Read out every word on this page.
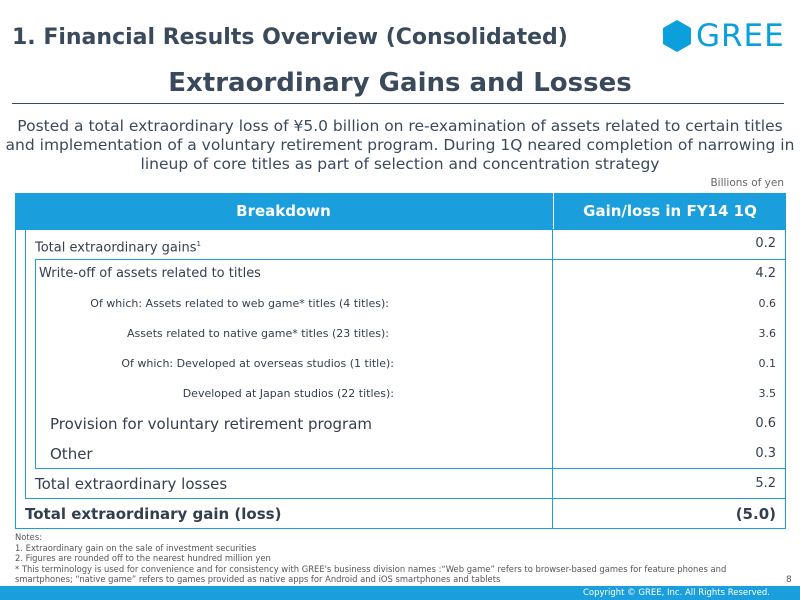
1. Financial Results Overview (Consolidated)	GREE
Extraordinary Gains and Losses
Posted a total extraordinary loss of ¥5.0 billion on re-examination of assets related to certain titles and implementation of a voluntary retirement program. During 1Q neared completion of narrowing in lineup of core titles as part of selection and concentration strategy
Billions of yen
Breakdown	Gain/loss in FY14 1Q
Total extraordinary gains$^1$	0.2
Write-off of assets related to titles	4.2
Of which: Assets related to web game* titles (4 titles):	0.6
Assets related to native game* titles (23 titles):	3.6
Of which: Developed at overseas studios (1 title):	0.1
Developed at Japan studios (22 titles):	3.5
Provision for voluntary retirement program	0.6
Other	0.3
Total extraordinary losses	5.2
Total extraordinary gain (loss)	(5.0)
Notes:
1. Extraordinary gain on the sale of investment securities
2. Figures are rounded off to the nearest hundred million yen
* This terminology is used for convenience and for consistency with GREE's business division names :“Web game” refers to browser-based games for feature phones and smartphones; “native game” refers to games provided as native apps for Android and iOS smartphones and tablets	8
Copyright © GREE, Inc. All Rights Reserved.
